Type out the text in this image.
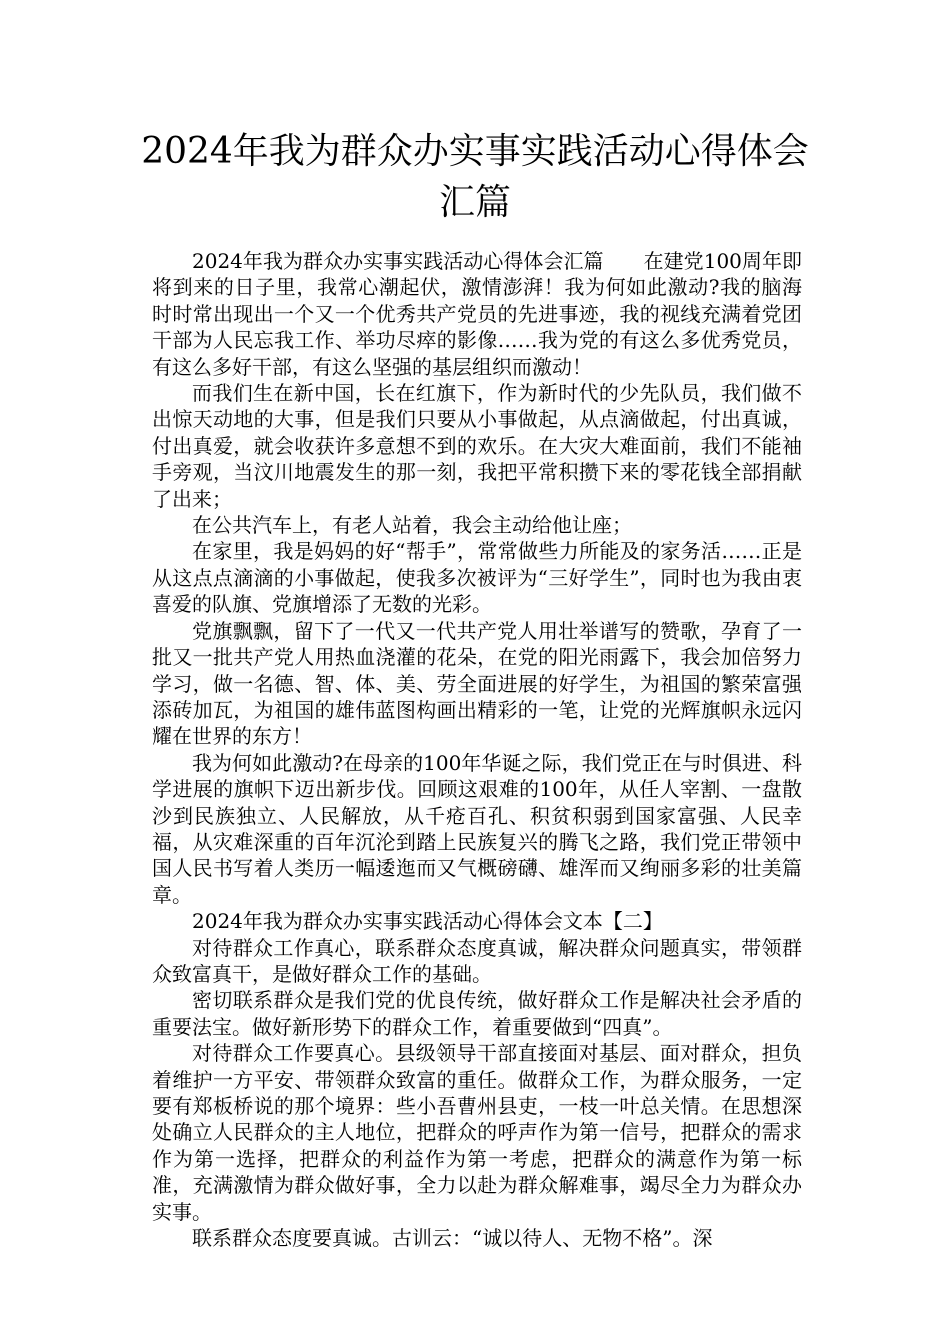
2024年我为群众办实事实践活动心得体会
汇篇

2024年我为群众办实事实践活动心得体会汇篇　　在建党100周年即将到来的日子里，我常心潮起伏，激情澎湃！我为何如此激动?我的脑海时时常出现出一个又一个优秀共产党员的先进事迹，我的视线充满着党团干部为人民忘我工作、举功尽瘁的影像……我为党的有这么多优秀党员，有这么多好干部，有这么坚强的基层组织而激动！

而我们生在新中国，长在红旗下，作为新时代的少先队员，我们做不出惊天动地的大事，但是我们只要从小事做起，从点滴做起，付出真诚，付出真爱，就会收获许多意想不到的欢乐。在大灾大难面前，我们不能袖手旁观，当汶川地震发生的那一刻，我把平常积攒下来的零花钱全部捐献了出来；

在公共汽车上，有老人站着，我会主动给他让座；

在家里，我是妈妈的好“帮手”，常常做些力所能及的家务活……正是从这点点滴滴的小事做起，使我多次被评为“三好学生”，同时也为我由衷喜爱的队旗、党旗增添了无数的光彩。

党旗飘飘，留下了一代又一代共产党人用壮举谱写的赞歌，孕育了一批又一批共产党人用热血浇灌的花朵，在党的阳光雨露下，我会加倍努力学习，做一名德、智、体、美、劳全面进展的好学生，为祖国的繁荣富强添砖加瓦，为祖国的雄伟蓝图构画出精彩的一笔，让党的光辉旗帜永远闪耀在世界的东方！

我为何如此激动?在母亲的100年华诞之际，我们党正在与时俱进、科学进展的旗帜下迈出新步伐。回顾这艰难的100年，从任人宰割、一盘散沙到民族独立、人民解放，从千疮百孔、积贫积弱到国家富强、人民幸福，从灾难深重的百年沉沦到踏上民族复兴的腾飞之路，我们党正带领中国人民书写着人类历一幅逶迤而又气概磅礴、雄浑而又绚丽多彩的壮美篇章。

2024年我为群众办实事实践活动心得体会文本【二】

对待群众工作真心，联系群众态度真诚，解决群众问题真实，带领群众致富真干，是做好群众工作的基础。

密切联系群众是我们党的优良传统，做好群众工作是解决社会矛盾的重要法宝。做好新形势下的群众工作，着重要做到“四真”。

对待群众工作要真心。县级领导干部直接面对基层、面对群众，担负着维护一方平安、带领群众致富的重任。做群众工作，为群众服务，一定要有郑板桥说的那个境界：些小吾曹州县吏，一枝一叶总关情。在思想深处确立人民群众的主人地位，把群众的呼声作为第一信号，把群众的需求作为第一选择，把群众的利益作为第一考虑，把群众的满意作为第一标准，充满激情为群众做好事，全力以赴为群众解难事，竭尽全力为群众办实事。

联系群众态度要真诚。古训云：“诚以待人、无物不格”。深
